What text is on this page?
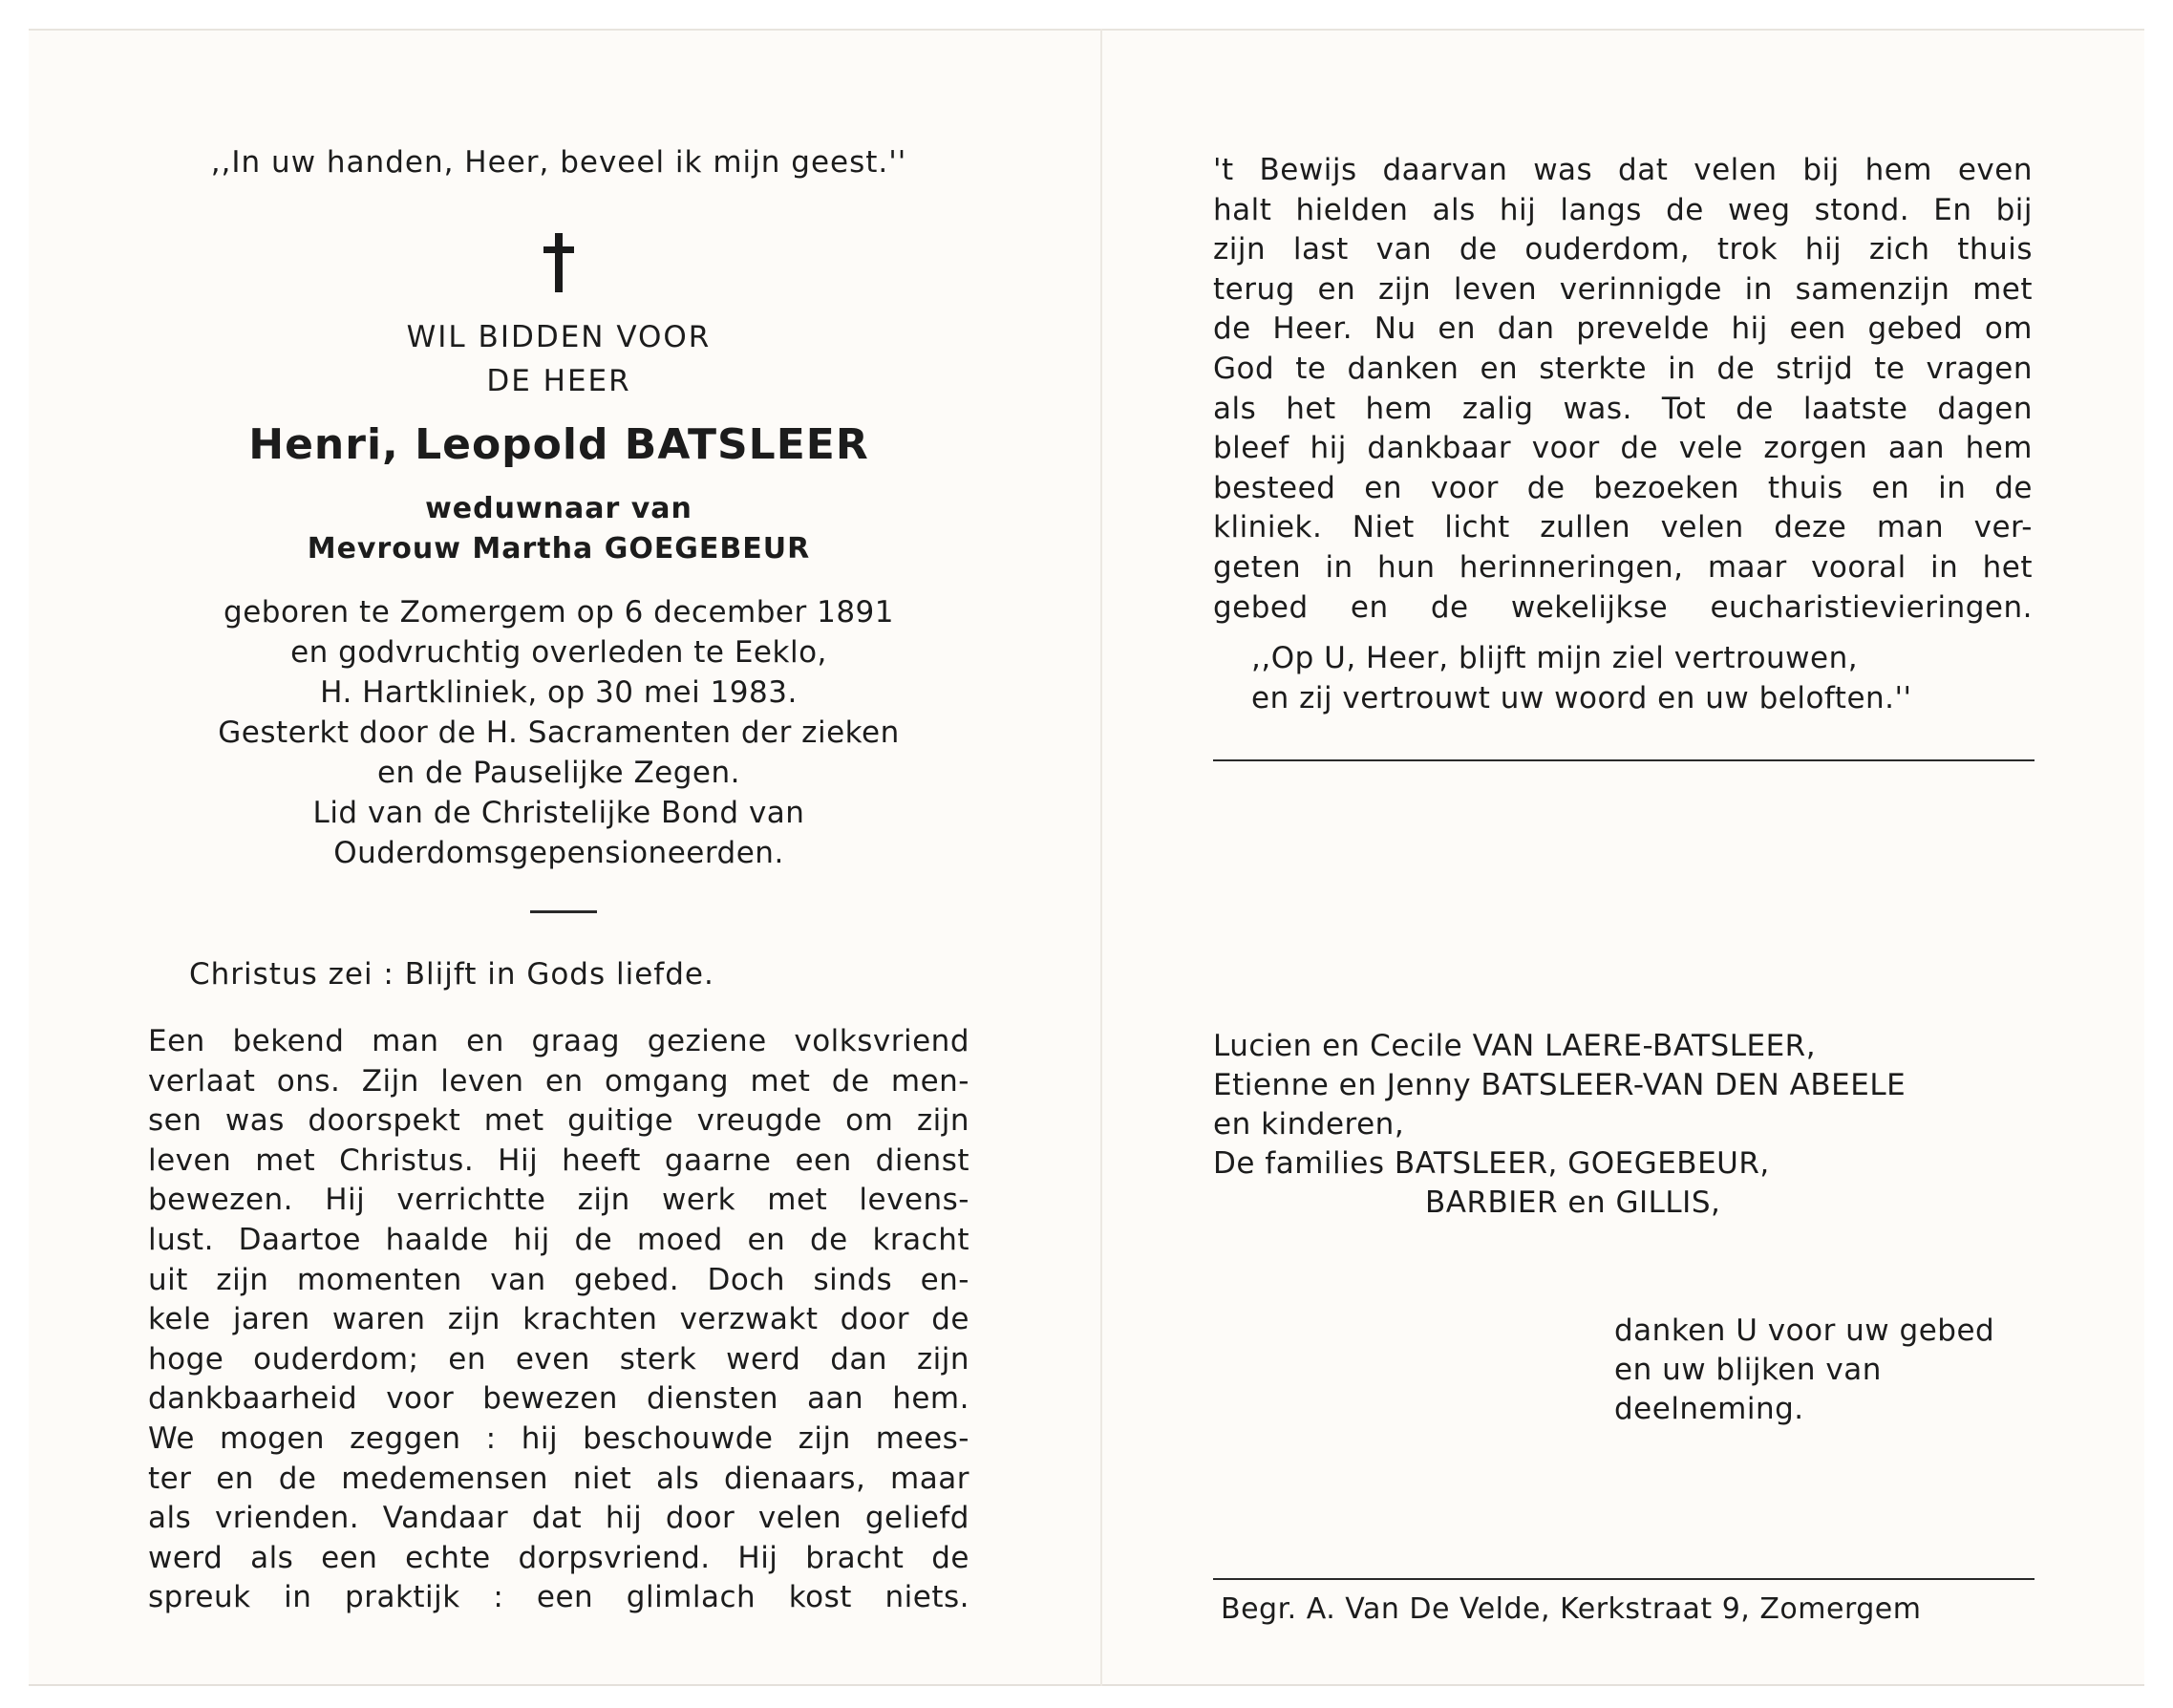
,,In uw handen, Heer, beveel ik mijn geest.''
WIL BIDDEN VOOR
DE HEER
Henri, Leopold BATSLEER
weduwnaar van
Mevrouw Martha GOEGEBEUR
geboren te Zomergem op 6 december 1891
en godvruchtig overleden te Eeklo,
H. Hartkliniek, op 30 mei 1983.
Gesterkt door de H. Sacramenten der zieken
en de Pauselijke Zegen.
Lid van de Christelijke Bond van
Ouderdomsgepensioneerden.
Christus zei : Blijft in Gods liefde.
Een bekend man en graag geziene volksvriend
verlaat ons. Zijn leven en omgang met de men-
sen was doorspekt met guitige vreugde om zijn
leven met Christus. Hij heeft gaarne een dienst
bewezen. Hij verrichtte zijn werk met levens-
lust. Daartoe haalde hij de moed en de kracht
uit zijn momenten van gebed. Doch sinds en-
kele jaren waren zijn krachten verzwakt door de
hoge ouderdom; en even sterk werd dan zijn
dankbaarheid voor bewezen diensten aan hem.
We mogen zeggen : hij beschouwde zijn mees-
ter en de medemensen niet als dienaars, maar
als vrienden. Vandaar dat hij door velen geliefd
werd als een echte dorpsvriend. Hij bracht de
spreuk in praktijk : een glimlach kost niets.
't Bewijs daarvan was dat velen bij hem even
halt hielden als hij langs de weg stond. En bij
zijn last van de ouderdom, trok hij zich thuis
terug en zijn leven verinnigde in samenzijn met
de Heer. Nu en dan prevelde hij een gebed om
God te danken en sterkte in de strijd te vragen
als het hem zalig was. Tot de laatste dagen
bleef hij dankbaar voor de vele zorgen aan hem
besteed en voor de bezoeken thuis en in de
kliniek. Niet licht zullen velen deze man ver-
geten in hun herinneringen, maar vooral in het
gebed en de wekelijkse eucharistievieringen.
,,Op U, Heer, blijft mijn ziel vertrouwen,
en zij vertrouwt uw woord en uw beloften.''
Lucien en Cecile VAN LAERE-BATSLEER,
Etienne en Jenny BATSLEER-VAN DEN ABEELE
en kinderen,
De families BATSLEER, GOEGEBEUR,
BARBIER en GILLIS,
danken U voor uw gebed
en uw blijken van
deelneming.
Begr. A. Van De Velde, Kerkstraat 9, Zomergem
